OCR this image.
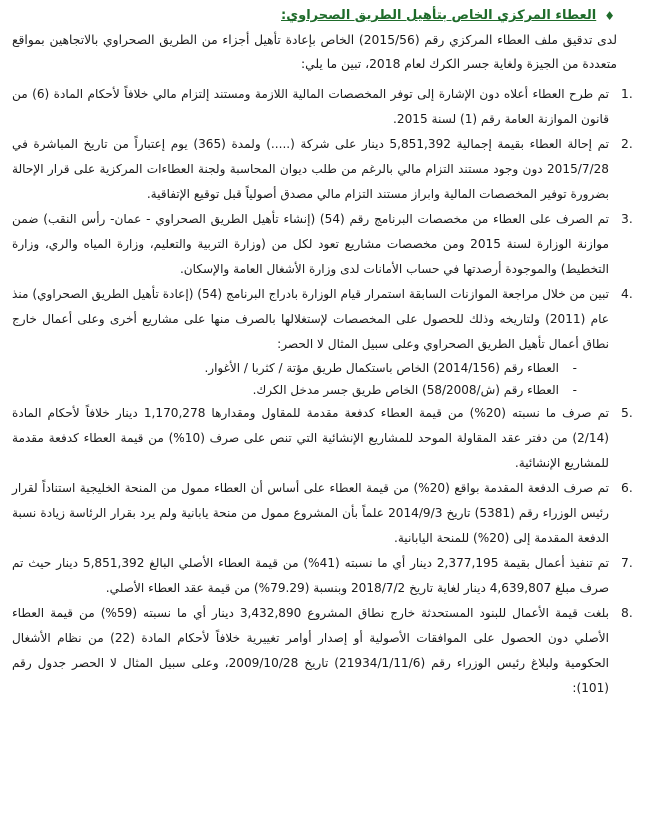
♦
العطاء المركزي الخاص بتأهيل الطريق الصحراوي:
لدى تدقيق ملف العطاء المركزي رقم (2015/56) الخاص بإعادة تأهيل أجزاء من الطريق الصحراوي بالاتجاهين بمواقع متعددة من الجيزة ولغاية جسر الكرك لعام 2018، تبين ما يلي:
.1
تم طرح العطاء أعلاه دون الإشارة إلى توفر المخصصات المالية اللازمة ومستند إلتزام مالي خلافاً لأحكام المادة (6) من قانون الموازنة العامة رقم (1) لسنة 2015.
.2
تم إحالة العطاء بقيمة إجمالية 5,851,392 دينار على شركة (.....) ولمدة (365) يوم إعتباراً من تاريخ المباشرة في 2015/7/28 دون وجود مستند التزام مالي بالرغم من طلب ديوان المحاسبة ولجنة العطاءات المركزية على قرار الإحالة بضرورة توفير المخصصات المالية وابراز مستند التزام مالي مصدق أصولياً قبل توقيع الإتفاقية.
.3
تم الصرف على العطاء من مخصصات البرنامج رقم (54) (إنشاء تأهيل الطريق الصحراوي - عمان- رأس النقب) ضمن موازنة الوزارة لسنة 2015 ومن مخصصات مشاريع تعود لكل من (وزارة التربية والتعليم، وزارة المياه والري، وزارة التخطيط) والموجودة أرصدتها في حساب الأمانات لدى وزارة الأشغال العامة والإسكان.
.4
تبين من خلال مراجعة الموازنات السابقة استمرار قيام الوزارة بادراج البرنامج (54) (إعادة تأهيل الطريق الصحراوي) منذ عام (2011) ولتاريخه وذلك للحصول على المخصصات لإستغلالها بالصرف منها على مشاريع أخرى وعلى أعمال خارج نطاق أعمال تأهيل الطريق الصحراوي وعلى سبيل المثال لا الحصر:
-العطاء رقم (2014/156) الخاص باستكمال طريق مؤتة / كثربا / الأغوار.
-العطاء رقم (ش/58/2008) الخاص طريق جسر مدخل الكرك.
.5
تم صرف ما نسبته (20%) من قيمة العطاء كدفعة مقدمة للمقاول ومقدارها 1,170,278 دينار خلافاً لأحكام المادة (2/14) من دفتر عقد المقاولة الموحد للمشاريع الإنشائية التي تنص على صرف (10%) من قيمة العطاء كدفعة مقدمة للمشاريع الإنشائية.
.6
تم صرف الدفعة المقدمة بواقع (20%) من قيمة العطاء على أساس أن العطاء ممول من المنحة الخليجية استناداً لقرار رئيس الوزراء رقم (5381) تاريخ 2014/9/3 علماً بأن المشروع ممول من منحة يابانية ولم يرد بقرار الرئاسة زيادة نسبة الدفعة المقدمة إلى (20%) للمنحة اليابانية.
.7
تم تنفيذ أعمال بقيمة 2,377,195 دينار أي ما نسبته (41%) من قيمة العطاء الأصلي البالغ 5,851,392 دينار حيث تم صرف مبلغ 4,639,807 دينار لغاية تاريخ 2018/7/2 وبنسبة (79.29%) من قيمة عقد العطاء الأصلي.
.8
بلغت قيمة الأعمال للبنود المستحدثة خارج نطاق المشروع 3,432,890 دينار أي ما نسبته (59%) من قيمة العطاء الأصلي دون الحصول على الموافقات الأصولية أو إصدار أوامر تغييرية خلافاً لأحكام المادة (22) من نظام الأشغال الحكومية ولبلاغ رئيس الوزراء رقم (21934/1/11/6) تاريخ 2009/10/28، وعلى سبيل المثال لا الحصر جدول رقم (101):
